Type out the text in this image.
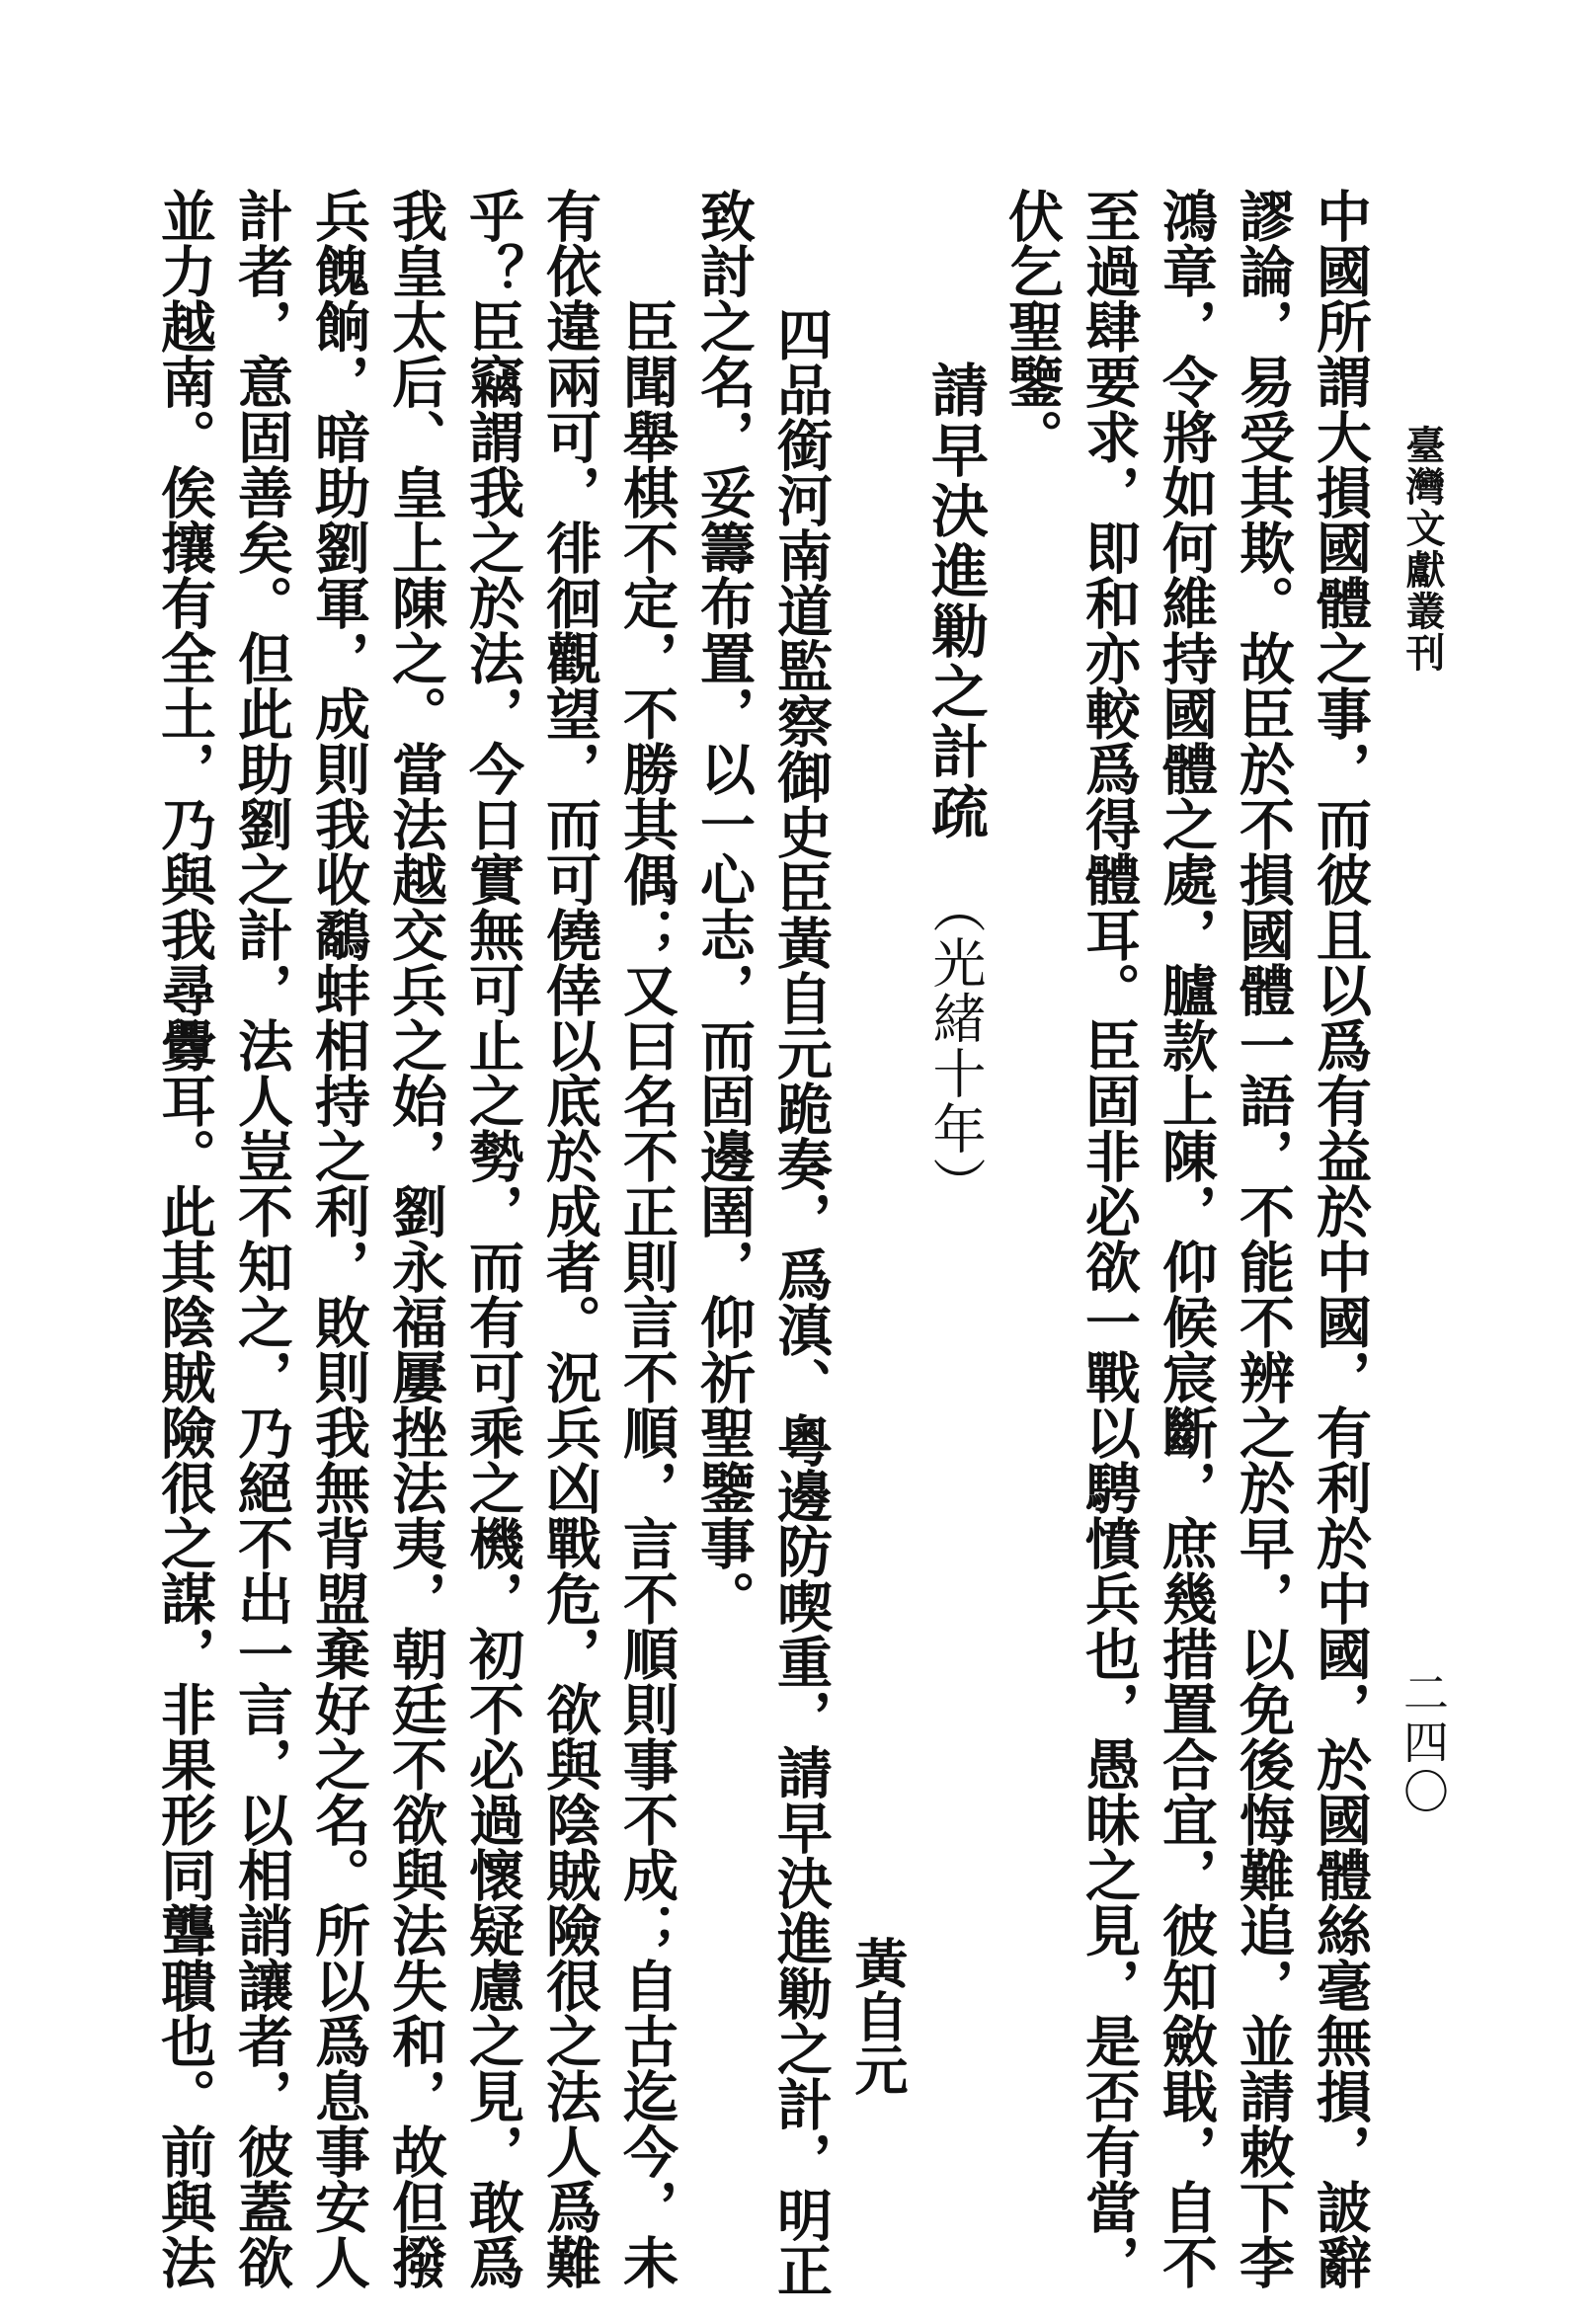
臺灣文獻叢刊
二四〇
中國所謂大損國體之事，而彼且以爲有益於中國，有利於中國，於國體絲毫無損，詖辭
謬論，易受其欺。故臣於不損國體一語，不能不辨之於早，以免後悔難追，並請敕下李
鴻章，令將如何維持國體之處，臚款上陳，仰候宸斷，庶幾措置合宜，彼知斂戢，自不
至過肆要求，即和亦較爲得體耳。臣固非必欲一戰以騁憤兵也，愚昧之見，是否有當，
伏乞聖鑒。
請早決進勦之計疏（光緒十年）
黃自元
四品銜河南道監察御史臣黃自元跪奏，爲滇、粵邊防喫重，請早決進勦之計，明正
致討之名，妥籌布置，以一心志，而固邊圉，仰祈聖鑒事。
臣聞舉棋不定，不勝其偶；又曰名不正則言不順，言不順則事不成；自古迄今，未
有依違兩可，徘徊觀望，而可僥倖以底於成者。況兵凶戰危，欲與陰賊險很之法人爲難
乎？臣竊謂我之於法，今日實無可止之勢，而有可乘之機，初不必過懷疑慮之見，敢爲
我皇太后、皇上陳之。當法越交兵之始，劉永福屢挫法夷，朝廷不欲與法失和，故但撥
兵餽餉，暗助劉軍，成則我收鷸蚌相持之利，敗則我無背盟棄好之名。所以爲息事安人
計者，意固善矣。但此助劉之計，法人豈不知之，乃絕不出一言，以相誚讓者，彼蓋欲
並力越南。俟攘有全土，乃與我尋釁耳。此其陰賊險很之謀，非果形同聾聵也。前與法
